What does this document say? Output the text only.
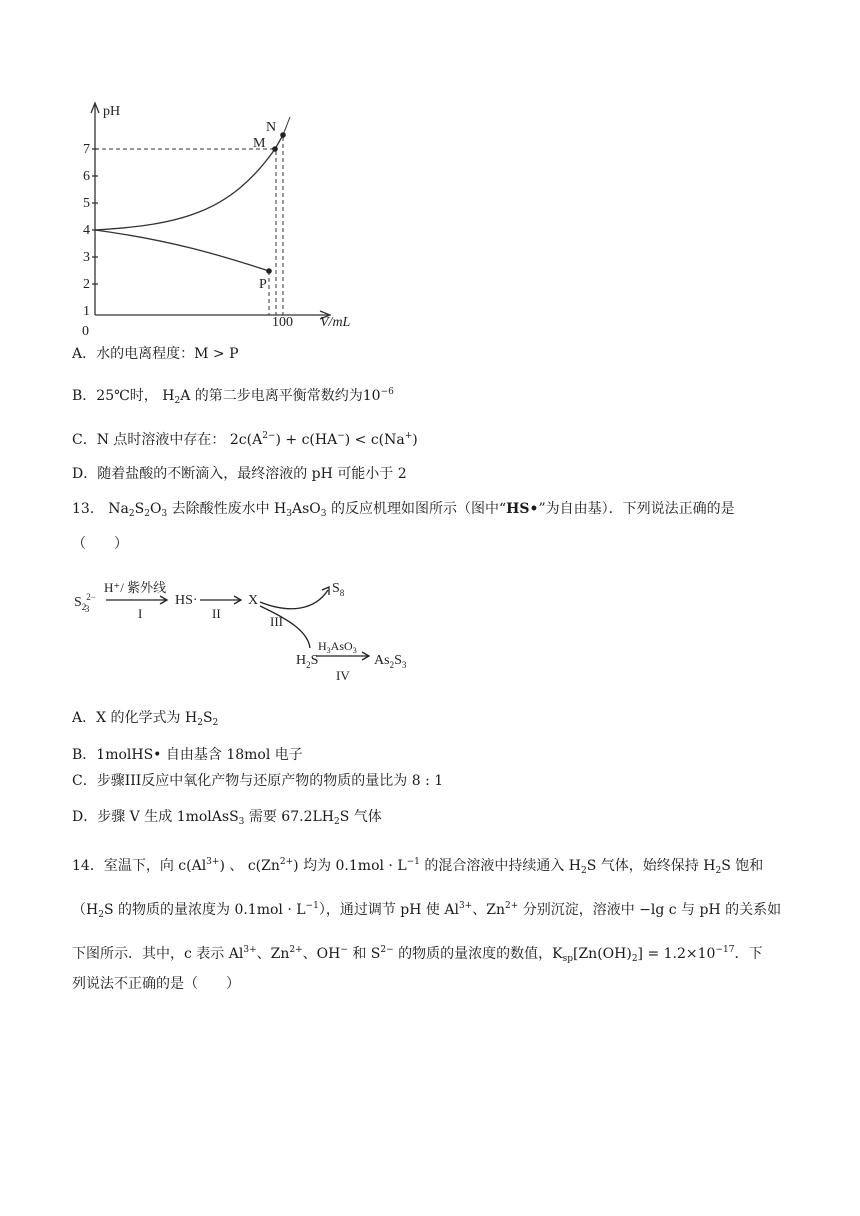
pH
0
100 V/mL
1
2
3
4
5
6
7	M
N
P
A．水的电离程度：M > P
B．25℃时， $H_2A$ 的第二步电离平衡常数约为$10^{-6}$
C．N 点时溶液中存在： $2c(A^{2-}) + c(HA^-) < c(Na^+)$
D．随着盐酸的不断滴入，最终溶液的 pH 可能小于 2
13． $Na_2S_2O_3$ 去除酸性废水中 $H_3AsO_3$ 的反应机理如图所示（图中“HS•”为自由基）．下列说法正确的是
（　　）
$S_2^{2-}$ 3
H⁺/ 紫外线
I
HS·
II
X
III
$S_8$
$H_2S$
$H_3AsO_3$
IV
$As_2S_3$
A．X 的化学式为 $H_2S_2$
B．1molHS• 自由基含 18mol 电子
C．步骤III反应中氧化产物与还原产物的物质的量比为 8 : 1
D．步骤 V 生成 1molAsS$_3$ 需要 $67.2LH_2S$ 气体
14．室温下，向 $c(Al^{3+})$ 、 $c(Zn^{2+})$ 均为 $0.1mol \cdot L^{-1}$ 的混合溶液中持续通入 $H_2S$ 气体，始终保持 $H_2S$ 饱和
（$H_2S$ 的物质的量浓度为 $0.1mol \cdot L^{-1}$），通过调节 pH 使 $Al^{3+}$、$Zn^{2+}$ 分别沉淀，溶液中 −lg c 与 pH 的关系如
下图所示．其中，c 表示 $Al^{3+}$、$Zn^{2+}$、OH− 和 $S^{2-}$ 的物质的量浓度的数值，$K_{sp}[Zn(OH)_2] = 1.2\times 10^{-17}$．下
列说法不正确的是（　　）
